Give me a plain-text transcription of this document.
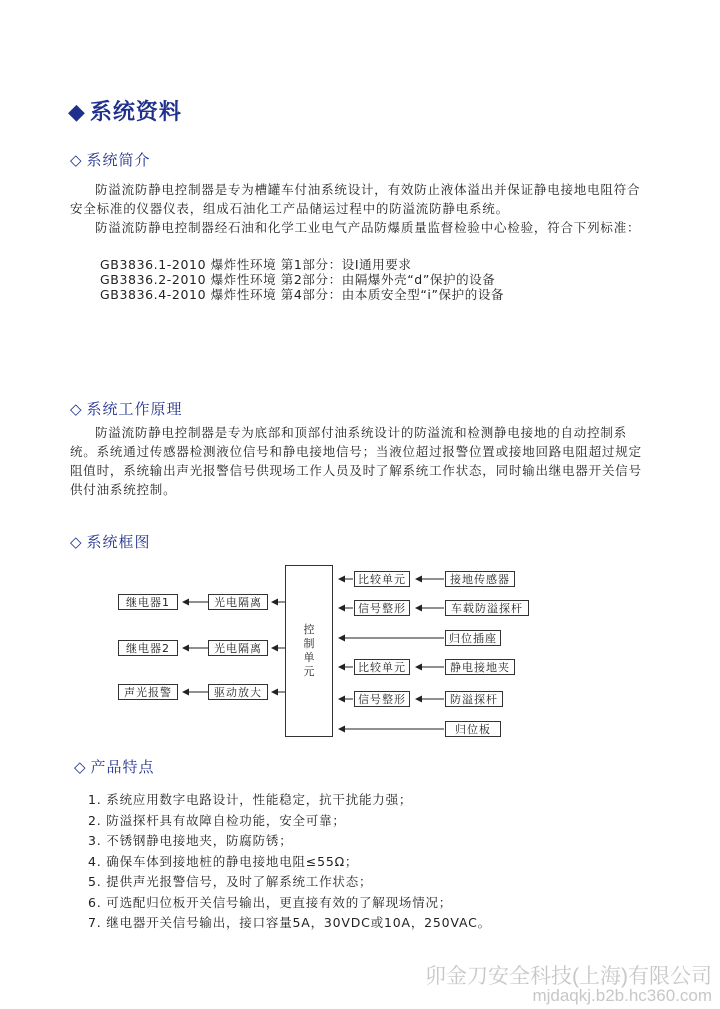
◆ 系统资料
◇ 系统简介

防溢流防静电控制器是专为槽罐车付油系统设计，有效防止液体溢出并保证静电接地电阻符合安全标准的仪器仪表，组成石油化工产品储运过程中的防溢流防静电系统。

防溢流防静电控制器经石油和化学工业电气产品防爆质量监督检验中心检验，符合下列标准：

GB3836.1-2010 爆炸性环境 第1部分：设I通用要求
GB3836.2-2010 爆炸性环境 第2部分：由隔爆外壳“d”保护的设备
GB3836.4-2010 爆炸性环境 第4部分：由本质安全型“i”保护的设备
◇ 系统工作原理

防溢流防静电控制器是专为底部和顶部付油系统设计的防溢流和检测静电接地的自动控制系统。系统通过传感器检测液位信号和静电接地信号；当液位超过报警位置或接地回路电阻超过规定阻值时，系统输出声光报警信号供现场工作人员及时了解系统工作状态，同时输出继电器开关信号供付油系统控制。

◇ 系统框图
继电器1	光电隔离
继电器2	光电隔离
声光报警	驱动放大
控制单元
比较单元
信号整形
比较单元
信号整形
接地传感器
车载防溢探杆
归位插座
静电接地夹
防溢探杆
归位板
◇ 产品特点
1. 系统应用数字电路设计，性能稳定，抗干扰能力强；
2. 防溢探杆具有故障自检功能，安全可靠；
3. 不锈钢静电接地夹，防腐防锈；
4. 确保车体到接地桩的静电接地电阻≤55Ω；
5. 提供声光报警信号，及时了解系统工作状态；
6. 可选配归位板开关信号输出，更直接有效的了解现场情况；
7. 继电器开关信号输出，接口容量5A，30VDC或10A，250VAC。
卯金刀安全科技(上海)有限公司
mjdaqkj.b2b.hc360.com
